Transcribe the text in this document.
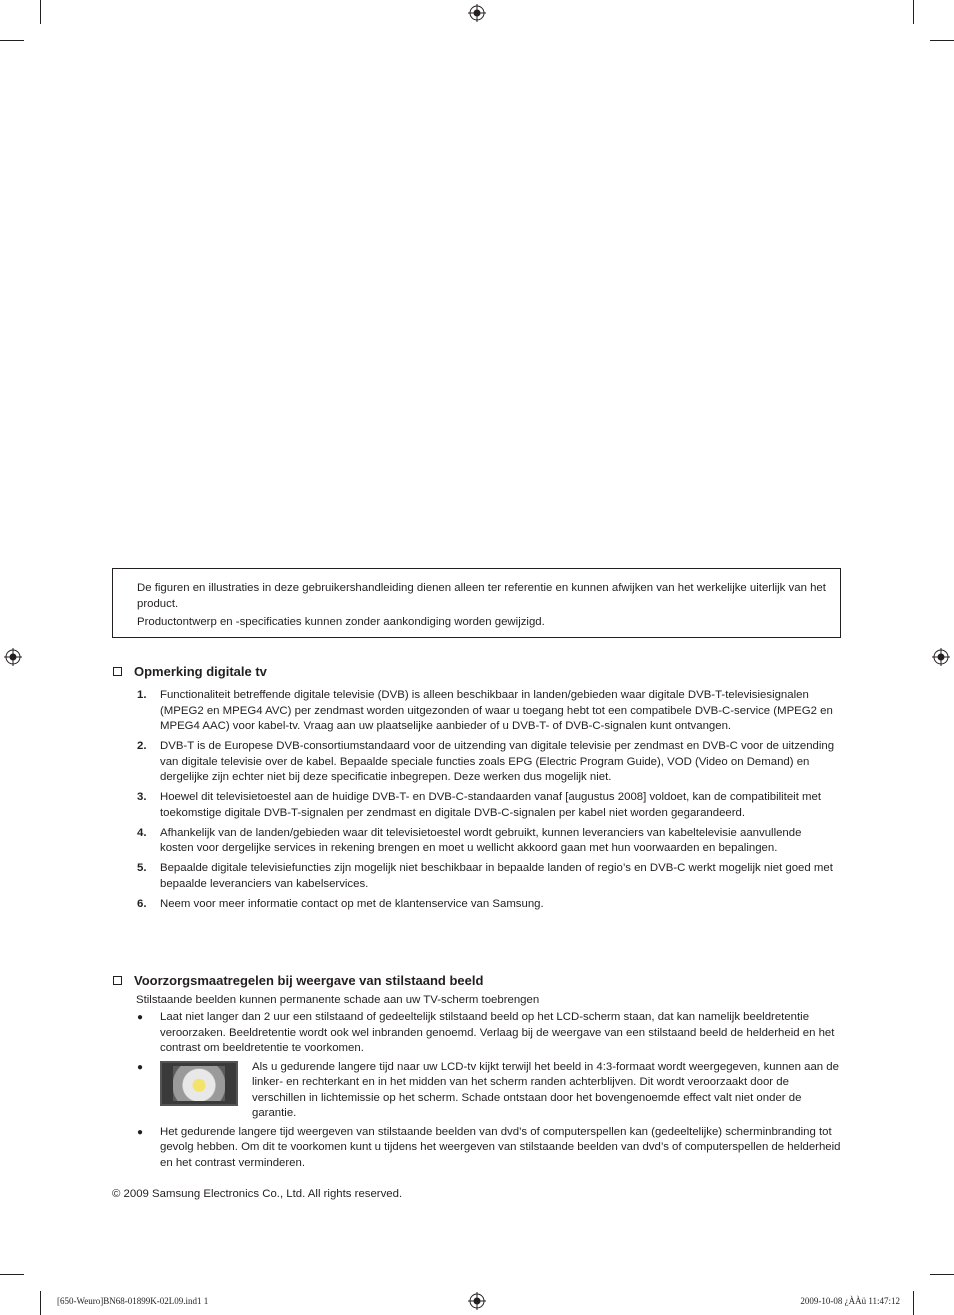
De figuren en illustraties in deze gebruikershandleiding dienen alleen ter referentie en kunnen afwijken van het werkelijke uiterlijk van het product.

Productontwerp en -specificaties kunnen zonder aankondiging worden gewijzigd.

Opmerking digitale tv
1.	Functionaliteit betreffende digitale televisie (DVB) is alleen beschikbaar in landen/gebieden waar digitale DVB-T-televisiesignalen (MPEG2 en MPEG4 AVC) per zendmast worden uitgezonden of waar u toegang hebt tot een compatibele DVB-C-service (MPEG2 en MPEG4 AAC) voor kabel-tv. Vraag aan uw plaatselijke aanbieder of u DVB-T- of DVB-C-signalen kunt ontvangen.
2.	DVB-T is de Europese DVB-consortiumstandaard voor de uitzending van digitale televisie per zendmast en DVB-C voor de uitzending van digitale televisie over de kabel. Bepaalde speciale functies zoals EPG (Electric Program Guide), VOD (Video on Demand) en dergelijke zijn echter niet bij deze specificatie inbegrepen. Deze werken dus mogelijk niet.
3.	Hoewel dit televisietoestel aan de huidige DVB-T- en DVB-C-standaarden vanaf [augustus 2008] voldoet, kan de compatibiliteit met toekomstige digitale DVB-T-signalen per zendmast en digitale DVB-C-signalen per kabel niet worden gegarandeerd.
4.	Afhankelijk van de landen/gebieden waar dit televisietoestel wordt gebruikt, kunnen leveranciers van kabeltelevisie aanvullende kosten voor dergelijke services in rekening brengen en moet u wellicht akkoord gaan met hun voorwaarden en bepalingen.
5.	Bepaalde digitale televisiefuncties zijn mogelijk niet beschikbaar in bepaalde landen of regio’s en DVB-C werkt mogelijk niet goed met bepaalde leveranciers van kabelservices.
6.	Neem voor meer informatie contact op met de klantenservice van Samsung.
Voorzorgsmaatregelen bij weergave van stilstaand beeld
Stilstaande beelden kunnen permanente schade aan uw TV-scherm toebrengen
●	Laat niet langer dan 2 uur een stilstaand of gedeeltelijk stilstaand beeld op het LCD-scherm staan, dat kan namelijk beeldretentie veroorzaken. Beeldretentie wordt ook wel inbranden genoemd. Verlaag bij de weergave van een stilstaand beeld de helderheid en het contrast om beeldretentie te voorkomen.
●	Als u gedurende langere tijd naar uw LCD-tv kijkt terwijl het beeld in 4:3-formaat wordt weergegeven, kunnen aan de linker- en rechterkant en in het midden van het scherm randen achterblijven. Dit wordt veroorzaakt door de verschillen in lichtemissie op het scherm. Schade ontstaan door het bovengenoemde effect valt niet onder de garantie.
●	Het gedurende langere tijd weergeven van stilstaande beelden van dvd’s of computerspellen kan (gedeeltelijke) scherminbranding tot gevolg hebben. Om dit te voorkomen kunt u tijdens het weergeven van stilstaande beelden van dvd’s of computerspellen de helderheid en het contrast verminderen.
© 2009 Samsung Electronics Co., Ltd. All rights reserved.
[650-Weuro]BN68-01899K-02L09.ind1 1	2009-10-08 ¿ÀÀü 11:47:12
